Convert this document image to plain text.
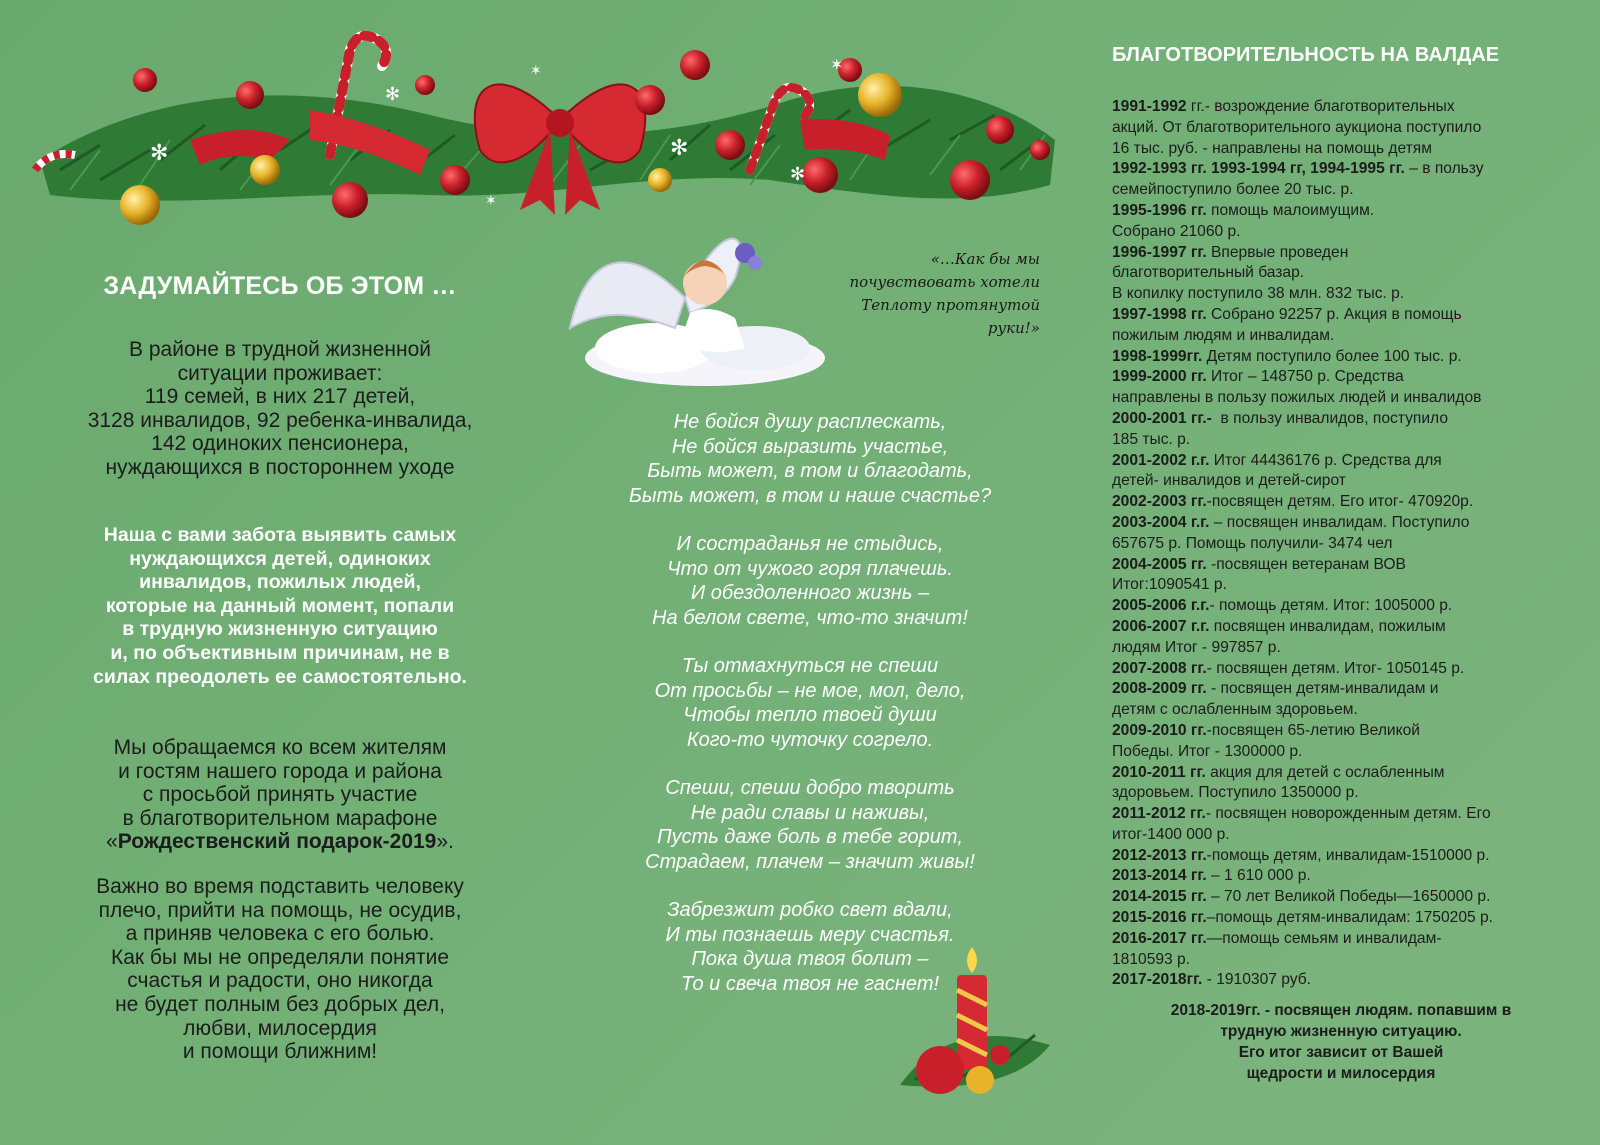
✻
✻
✶
✻
✶
✻
✶
ЗАДУМАЙТЕСЬ ОБ ЭТОМ …
В районе в трудной жизненной
ситуации проживает:
119 семей, в них 217 детей,
3128 инвалидов, 92 ребенка-инвалида,
142 одиноких пенсионера,
нуждающихся в постороннем уходе
Наша с вами забота выявить самых
нуждающихся детей, одиноких
инвалидов, пожилых людей,
которые на данный момент, попали
в трудную жизненную ситуацию
и, по объективным причинам, не в
силах преодолеть ее самостоятельно.
Мы обращаемся ко всем жителям
и гостям нашего города и района
с просьбой принять участие
в благотворительном марафоне
«Рождественский подарок-2019».
Важно во время подставить человеку
плечо, прийти на помощь, не осудив,
а приняв человека с его болью.
Как бы мы не определяли понятие
счастья и радости, оно никогда
не будет полным без добрых дел,
любви, милосердия
и помощи ближним!
«…Как бы мы
почувствовать хотели
Теплоту протянутой руки!»
Не бойся душу расплескать,
Не бойся выразить участье,
Быть может, в том и благодать,
Быть может, в том и наше счастье?
И состраданья не стыдись,
Что от чужого горя плачешь.
И обездоленного жизнь –
На белом свете, что-то значит!
Ты отмахнуться не спеши
От просьбы – не мое, мол, дело,
Чтобы тепло твоей души
Кого-то чуточку согрело.
Спеши, спеши добро творить
Не ради славы и наживы,
Пусть даже боль в тебе горит,
Страдаем, плачем – значит живы!
Забрезжит робко свет вдали,
И ты познаешь меру счастья.
Пока душа твоя болит –
То и свеча твоя не гаснет!
БЛАГОТВОРИТЕЛЬНОСТЬ НА ВАЛДАЕ
1991-1992 гг.- возрождение благотворительных
акций. От благотворительного аукциона поступило
16 тыс. руб. - направлены на помощь детям
1992-1993 гг. 1993-1994 гг, 1994-1995 гг. – в пользу
семейпоступило более 20 тыс. р.
1995-1996 гг. помощь малоимущим.
Собрано 21060 р.
1996-1997 гг. Впервые проведен
благотворительный базар.
В копилку поступило 38 млн. 832 тыс. р.
1997-1998 гг. Собрано 92257 р. Акция в помощь
пожилым людям и инвалидам.
1998-1999гг. Детям поступило более 100 тыс. р.
1999-2000 гг. Итог – 148750 р. Средства
направлены в пользу пожилых людей и инвалидов
2000-2001 гг.-  в пользу инвалидов, поступило
185 тыс. р.
2001-2002 г.г. Итог 44436176 р. Средства для
детей- инвалидов и детей-сирот
2002-2003 гг.-посвящен детям. Его итог- 470920р.
2003-2004 г.г. – посвящен инвалидам. Поступило
657675 р. Помощь получили- 3474 чел
2004-2005 гг. -посвящен ветеранам ВОВ
Итог:1090541 р.
2005-2006 г.г.- помощь детям. Итог: 1005000 р.
2006-2007 г.г. посвящен инвалидам, пожилым
людям Итог - 997857 р.
2007-2008 гг.- посвящен детям. Итог- 1050145 р.
2008-2009 гг. - посвящен детям-инвалидам и
детям с ослабленным здоровьем.
2009-2010 гг.-посвящен 65-летию Великой
Победы. Итог - 1300000 р.
2010-2011 гг. акция для детей с ослабленным
здоровьем. Поступило 1350000 р.
2011-2012 гг.- посвящен новорожденным детям. Его
итог-1400 000 р.
2012-2013 гг.-помощь детям, инвалидам-1510000 р.
2013-2014 гг. – 1 610 000 р.
2014-2015 гг. – 70 лет Великой Победы—1650000 р.
2015-2016 гг.–помощь детям-инвалидам: 1750205 р.
2016-2017 гг.—помощь семьям и инвалидам-
1810593 р.
2017-2018гг. - 1910307 руб.
2018-2019гг. - посвящен людям. попавшим в
трудную жизненную ситуацию.
Его итог зависит от Вашей
щедрости и милосердия
